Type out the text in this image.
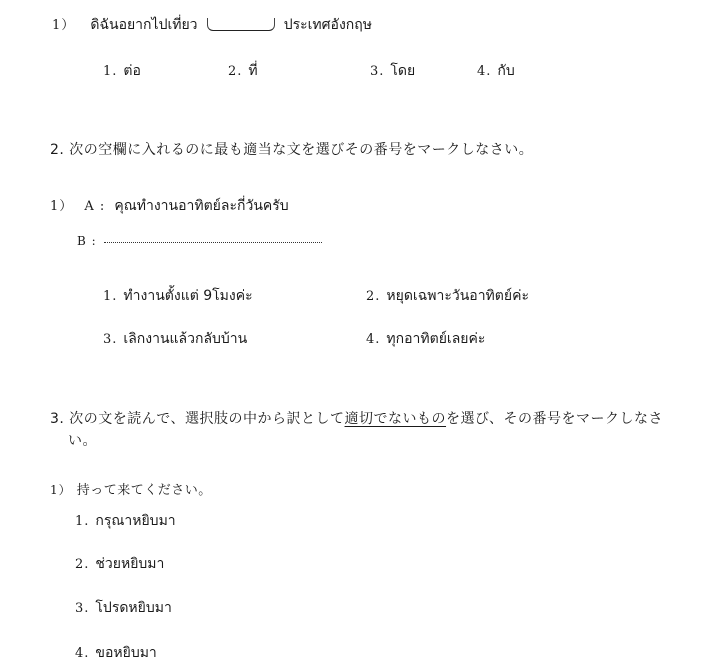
1） ดิฉันอยากไปเที่ยว	ประเทศอังกฤษ
1. ต่อ	2. ที่	3. โดย	4. กับ
2. 次の空欄に入れるのに最も適当な文を選びその番号をマークしなさい。
1） A : คุณทำงานอาทิตย์ละกี่วันครับ
B :
1. ทำงานตั้งแต่ 9โมงค่ะ	2. หยุดเฉพาะวันอาทิตย์ค่ะ
3. เลิกงานแล้วกลับบ้าน	4. ทุกอาทิตย์เลยค่ะ
3. 次の文を読んで、選択肢の中から訳として適切でないものを選び、その番号をマークしなさ
い。
1） 持って来てください。
1. กรุณาหยิบมา
2. ช่วยหยิบมา
3. โปรดหยิบมา
4. ขอหยิบมา
